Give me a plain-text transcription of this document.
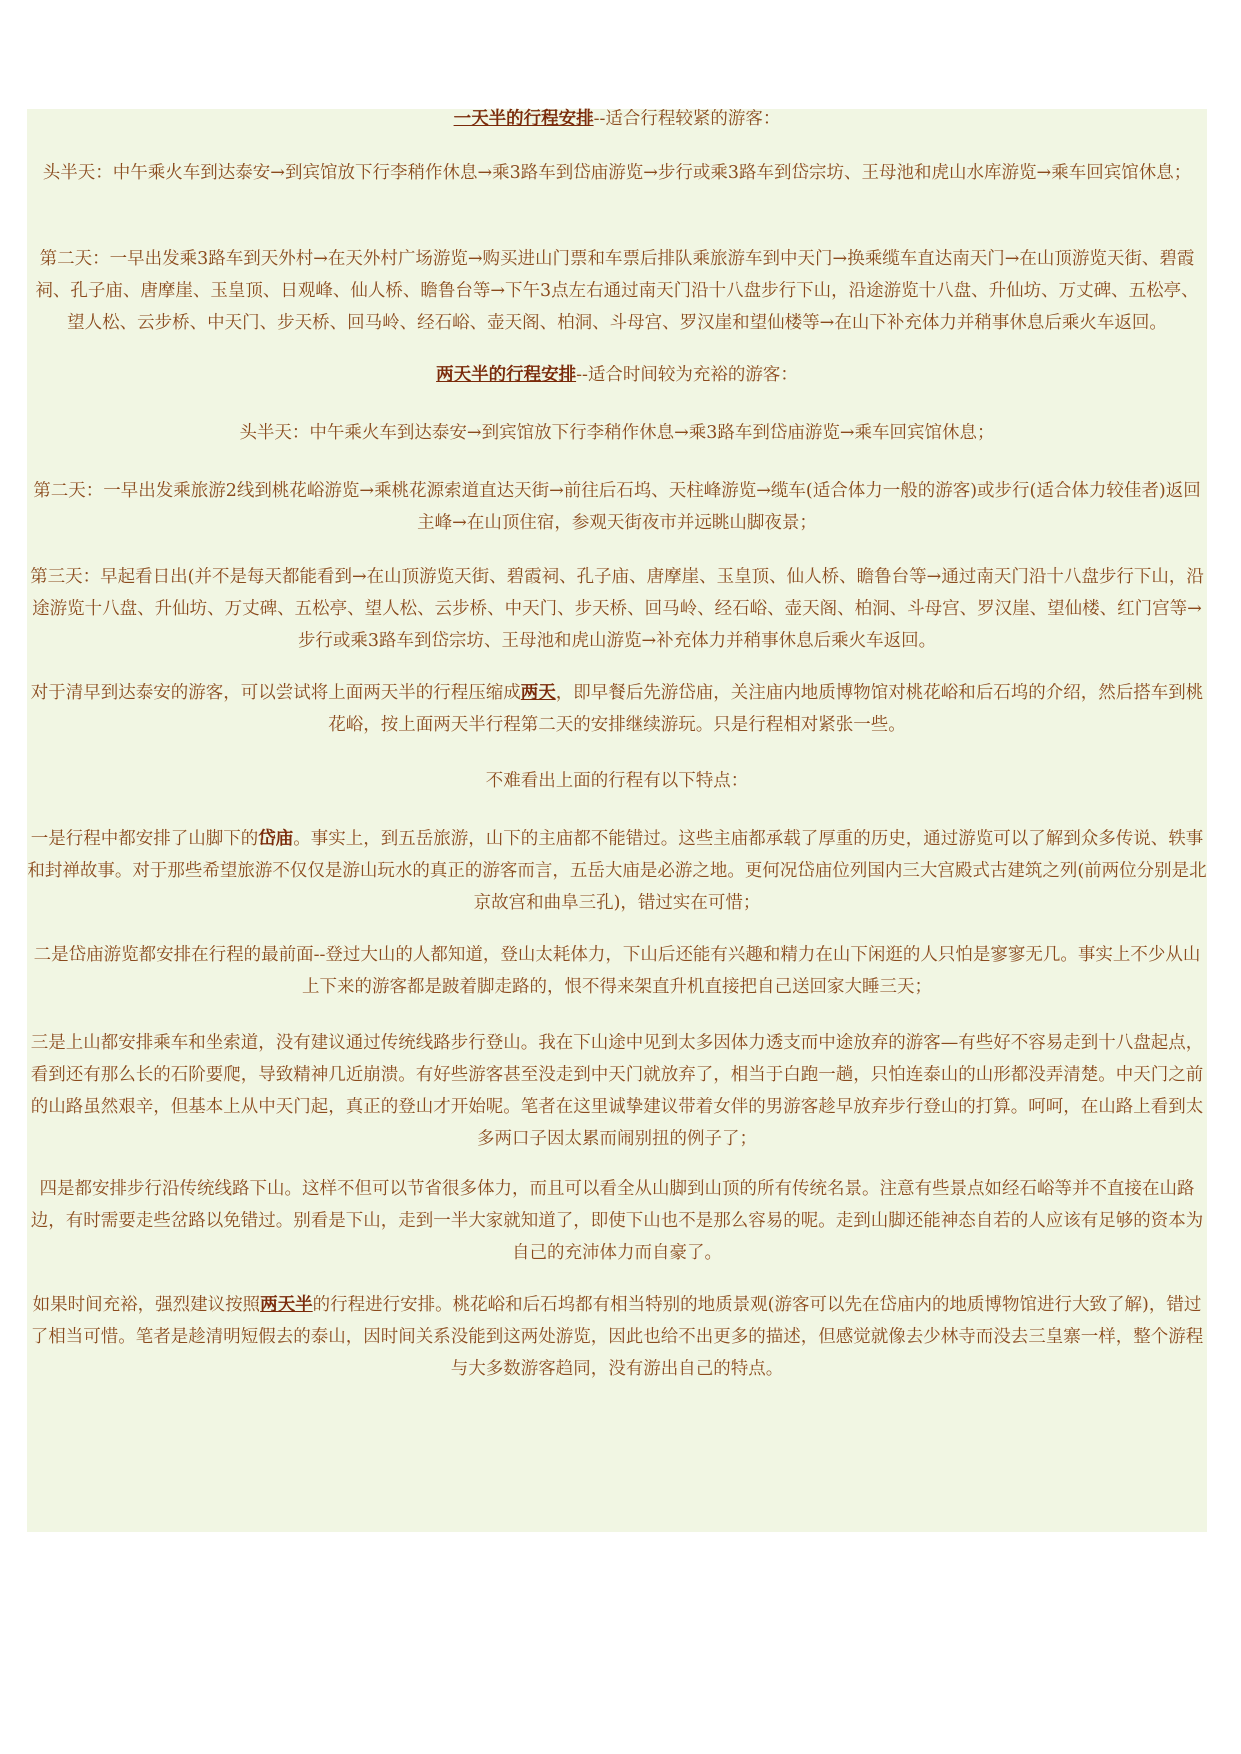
一天半的行程安排--适合行程较紧的游客：

头半天：中午乘火车到达泰安→到宾馆放下行李稍作休息→乘3路车到岱庙游览→步行或乘3路车到岱宗坊、王母池和虎山水库游览→乘车回宾馆休息；

第二天：一早出发乘3路车到天外村→在天外村广场游览→购买进山门票和车票后排队乘旅游车到中天门→换乘缆车直达南天门→在山顶游览天街、碧霞祠、孔子庙、唐摩崖、玉皇顶、日观峰、仙人桥、瞻鲁台等→下午3点左右通过南天门沿十八盘步行下山，沿途游览十八盘、升仙坊、万丈碑、五松亭、望人松、云步桥、中天门、步天桥、回马岭、经石峪、壶天阁、柏洞、斗母宫、罗汉崖和望仙楼等→在山下补充体力并稍事休息后乘火车返回。

两天半的行程安排--适合时间较为充裕的游客：

头半天：中午乘火车到达泰安→到宾馆放下行李稍作休息→乘3路车到岱庙游览→乘车回宾馆休息；

第二天：一早出发乘旅游2线到桃花峪游览→乘桃花源索道直达天街→前往后石坞、天柱峰游览→缆车(适合体力一般的游客)或步行(适合体力较佳者)返回主峰→在山顶住宿，参观天街夜市并远眺山脚夜景；

第三天：早起看日出(并不是每天都能看到→在山顶游览天街、碧霞祠、孔子庙、唐摩崖、玉皇顶、仙人桥、瞻鲁台等→通过南天门沿十八盘步行下山，沿途游览十八盘、升仙坊、万丈碑、五松亭、望人松、云步桥、中天门、步天桥、回马岭、经石峪、壶天阁、柏洞、斗母宫、罗汉崖、望仙楼、红门宫等→步行或乘3路车到岱宗坊、王母池和虎山游览→补充体力并稍事休息后乘火车返回。

对于清早到达泰安的游客，可以尝试将上面两天半的行程压缩成两天，即早餐后先游岱庙，关注庙内地质博物馆对桃花峪和后石坞的介绍，然后搭车到桃花峪，按上面两天半行程第二天的安排继续游玩。只是行程相对紧张一些。

不难看出上面的行程有以下特点：

一是行程中都安排了山脚下的岱庙。事实上，到五岳旅游，山下的主庙都不能错过。这些主庙都承载了厚重的历史，通过游览可以了解到众多传说、轶事和封禅故事。对于那些希望旅游不仅仅是游山玩水的真正的游客而言，五岳大庙是必游之地。更何况岱庙位列国内三大宫殿式古建筑之列(前两位分别是北京故宫和曲阜三孔)，错过实在可惜；

二是岱庙游览都安排在行程的最前面--登过大山的人都知道，登山太耗体力，下山后还能有兴趣和精力在山下闲逛的人只怕是寥寥无几。事实上不少从山上下来的游客都是跛着脚走路的，恨不得来架直升机直接把自己送回家大睡三天；

三是上山都安排乘车和坐索道，没有建议通过传统线路步行登山。我在下山途中见到太多因体力透支而中途放弃的游客—有些好不容易走到十八盘起点，看到还有那么长的石阶要爬，导致精神几近崩溃。有好些游客甚至没走到中天门就放弃了，相当于白跑一趟，只怕连泰山的山形都没弄清楚。中天门之前的山路虽然艰辛，但基本上从中天门起，真正的登山才开始呢。笔者在这里诚挚建议带着女伴的男游客趁早放弃步行登山的打算。呵呵，在山路上看到太多两口子因太累而闹别扭的例子了；

四是都安排步行沿传统线路下山。这样不但可以节省很多体力，而且可以看全从山脚到山顶的所有传统名景。注意有些景点如经石峪等并不直接在山路边，有时需要走些岔路以免错过。别看是下山，走到一半大家就知道了，即使下山也不是那么容易的呢。走到山脚还能神态自若的人应该有足够的资本为自己的充沛体力而自豪了。

如果时间充裕，强烈建议按照两天半的行程进行安排。桃花峪和后石坞都有相当特别的地质景观(游客可以先在岱庙内的地质博物馆进行大致了解)，错过了相当可惜。笔者是趁清明短假去的泰山，因时间关系没能到这两处游览，因此也给不出更多的描述，但感觉就像去少林寺而没去三皇寨一样，整个游程与大多数游客趋同，没有游出自己的特点。
